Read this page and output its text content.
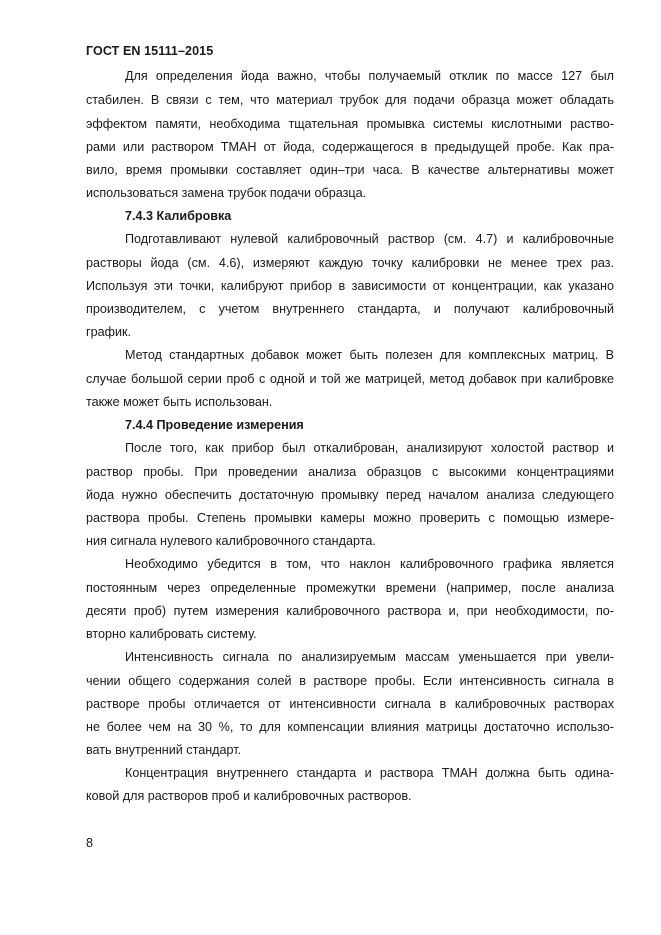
ГОСТ EN 15111–2015
Для определения йода важно, чтобы получаемый отклик по массе 127 был
стабилен. В связи с тем, что материал трубок для подачи образца может обладать
эффектом памяти, необходима тщательная промывка системы кислотными раство-
рами или раствором ТМАН от йода, содержащегося в предыдущей пробе. Как пра-
вило, время промывки составляет один–три часа. В качестве альтернативы может
использоваться замена трубок подачи образца.
7.4.3 Калибровка
Подготавливают нулевой калибровочный раствор (см. 4.7) и калибровочные
растворы йода (см. 4.6), измеряют каждую точку калибровки не менее трех раз.
Используя эти точки, калибруют прибор в зависимости от концентрации, как указано
производителем, с учетом внутреннего стандарта, и получают калибровочный
график.
Метод стандартных добавок может быть полезен для комплексных матриц. В
случае большой серии проб с одной и той же матрицей, метод добавок при калибровке
также может быть использован.
7.4.4 Проведение измерения
После того, как прибор был откалиброван, анализируют холостой раствор и
раствор пробы. При проведении анализа образцов с высокими концентрациями
йода нужно обеспечить достаточную промывку перед началом анализа следующего
раствора пробы. Степень промывки камеры можно проверить с помощью измере-
ния сигнала нулевого калибровочного стандарта.
Необходимо убедится в том, что наклон калибровочного графика является
постоянным через определенные промежутки времени (например, после анализа
десяти проб) путем измерения калибровочного раствора и, при необходимости, по-
вторно калибровать систему.
Интенсивность сигнала по анализируемым массам уменьшается при увели-
чении общего содержания солей в растворе пробы. Если интенсивность сигнала в
растворе пробы отличается от интенсивности сигнала в калибровочных растворах
не более чем на 30 %, то для компенсации влияния матрицы достаточно использо-
вать внутренний стандарт.
Концентрация внутреннего стандарта и раствора ТМАН должна быть одина-
ковой для растворов проб и калибровочных растворов.
8
